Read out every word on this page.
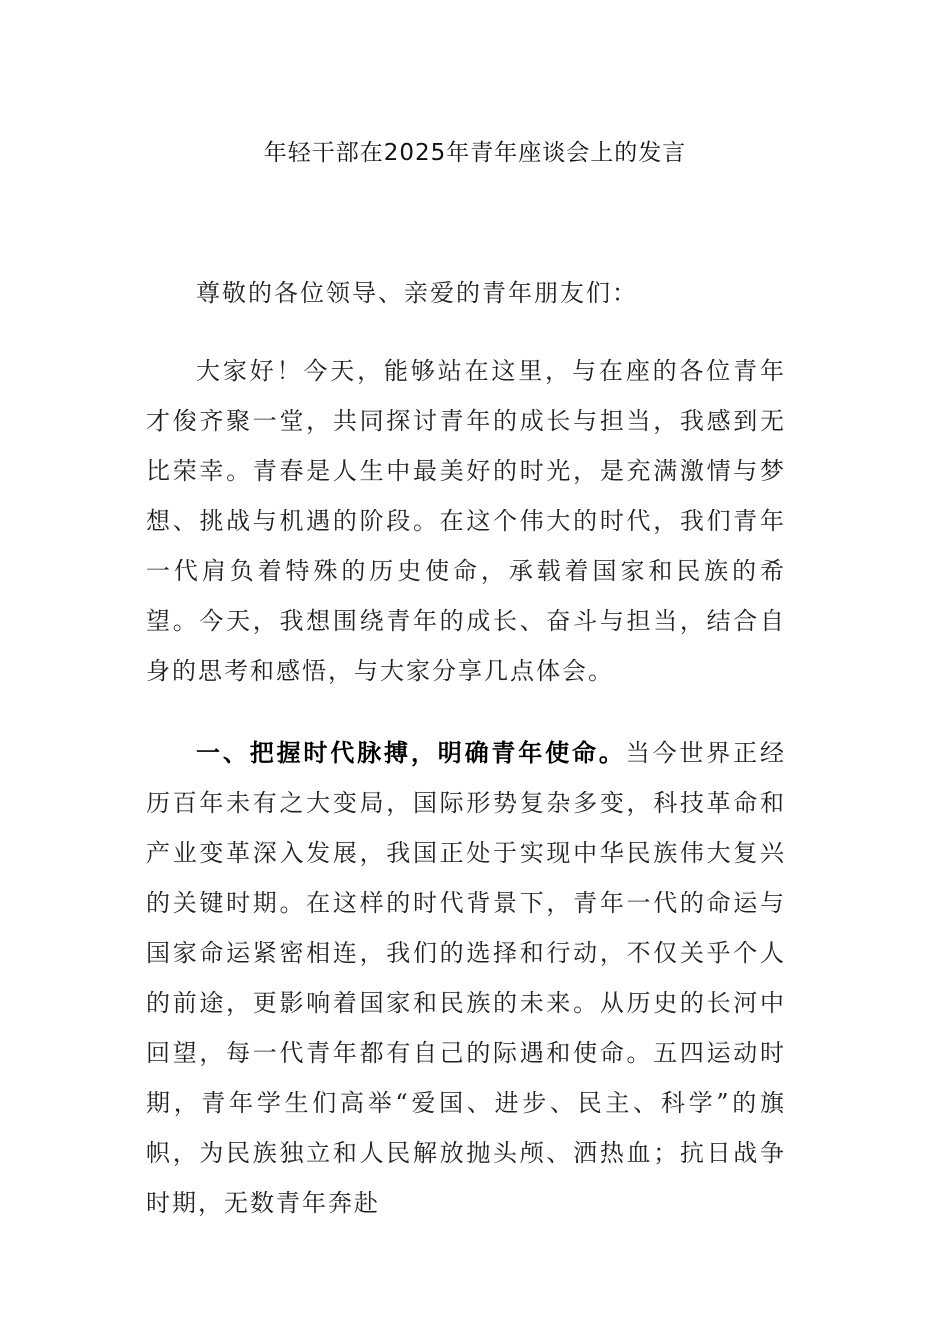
年轻干部在2025年青年座谈会上的发言
尊敬的各位领导、亲爱的青年朋友们：
大家好！今天，能够站在这里，与在座的各位青年才俊齐聚一堂，共同探讨青年的成长与担当，我感到无比荣幸。青春是人生中最美好的时光，是充满激情与梦想、挑战与机遇的阶段。在这个伟大的时代，我们青年一代肩负着特殊的历史使命，承载着国家和民族的希望。今天，我想围绕青年的成长、奋斗与担当，结合自身的思考和感悟，与大家分享几点体会。
一、把握时代脉搏，明确青年使命。当今世界正经历百年未有之大变局，国际形势复杂多变，科技革命和产业变革深入发展，我国正处于实现中华民族伟大复兴的关键时期。在这样的时代背景下，青年一代的命运与国家命运紧密相连，我们的选择和行动，不仅关乎个人的前途，更影响着国家和民族的未来。从历史的长河中回望，每一代青年都有自己的际遇和使命。五四运动时期，青年学生们高举“爱国、进步、民主、科学”的旗帜，为民族独立和人民解放抛头颅、洒热血；抗日战争时期，无数青年奔赴
